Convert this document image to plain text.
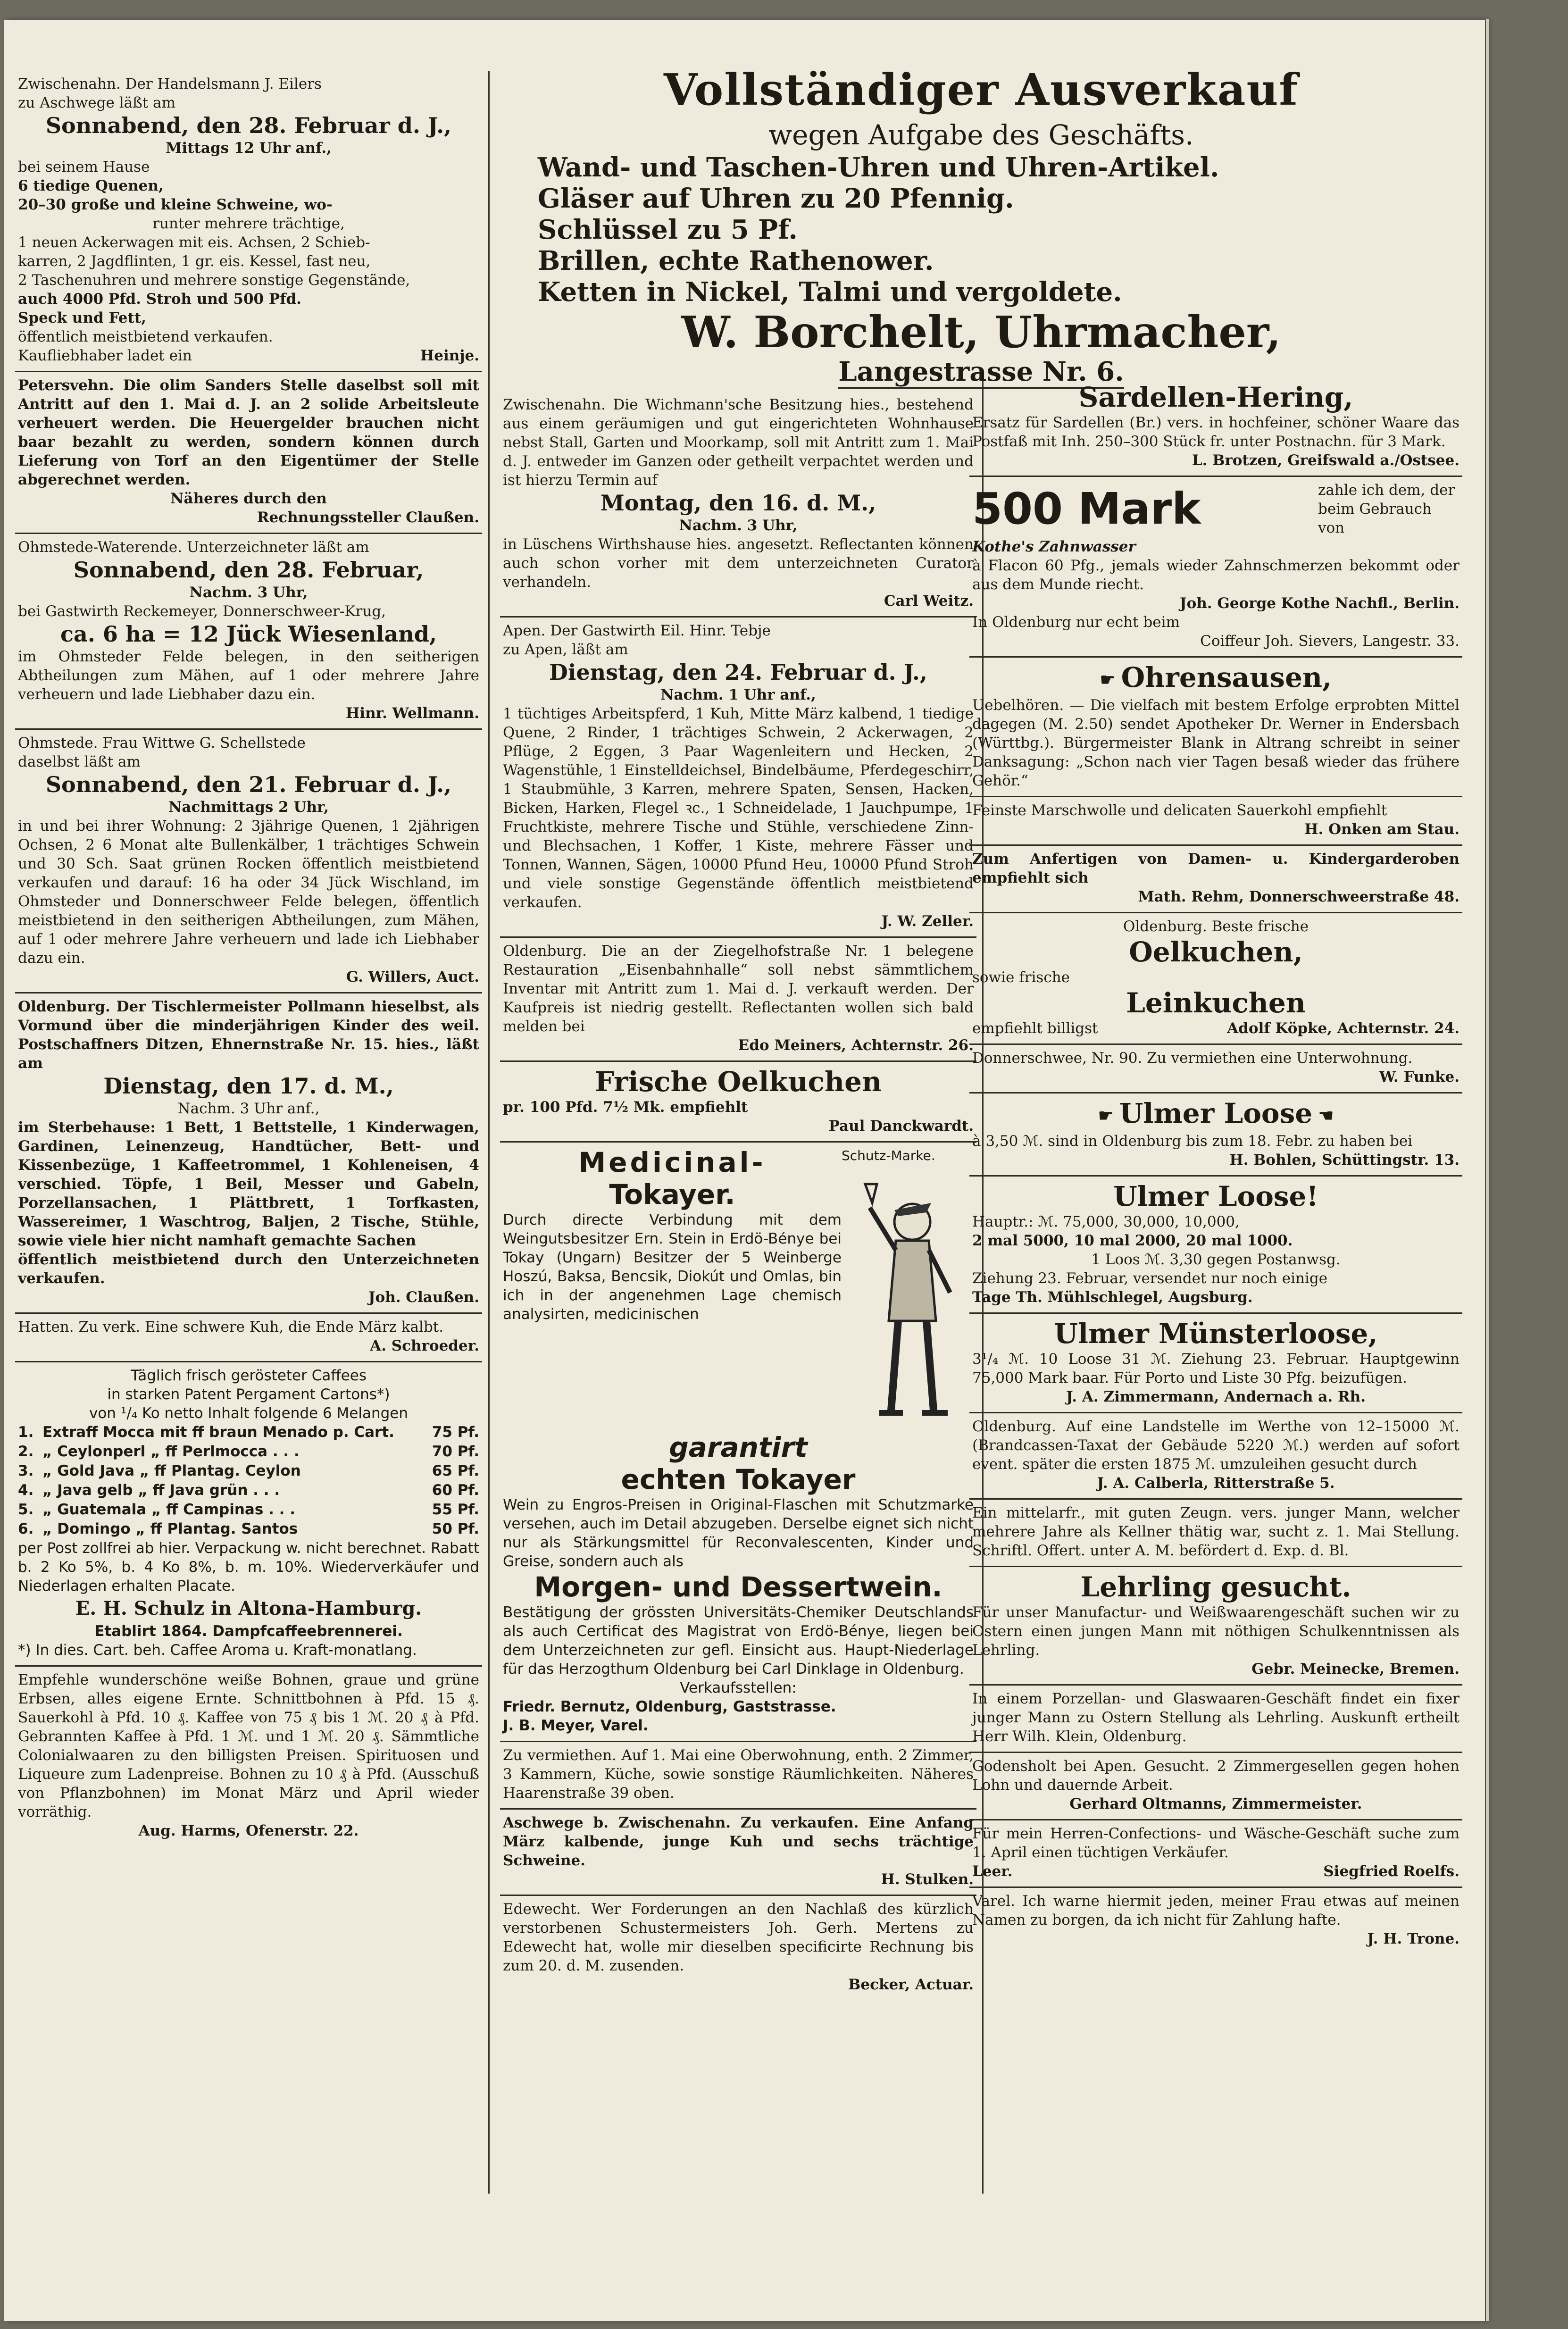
Vollständiger Ausverkauf
wegen Aufgabe des Geschäfts.
Wand- und Taschen-Uhren und Uhren-Artikel.
Gläser auf Uhren zu 20 Pfennig.
Schlüssel zu 5 Pf.
Brillen, echte Rathenower.
Ketten in Nickel, Talmi und vergoldete.
W. Borchelt, Uhrmacher,
Langestrasse Nr. 6.

Zwischenahn. Der Handelsmann J. Eilers

zu Aschwege läßt am

Sonnabend, den 28. Februar d. J.,

Mittags 12 Uhr anf.,

bei seinem Hause

6 tiedige Quenen,

20–30 große und kleine Schweine, wo-

runter mehrere trächtige,

1 neuen Ackerwagen mit eis. Achsen, 2 Schieb-

karren, 2 Jagdflinten, 1 gr. eis. Kessel, fast neu,

2 Taschenuhren und mehrere sonstige Gegenstände,

auch 4000 Pfd. Stroh und 500 Pfd.

Speck und Fett,

öffentlich meistbietend verkaufen.

Kaufliebhaber ladet ein	Heinje.

Petersvehn. Die olim Sanders Stelle daselbst soll mit Antritt auf den 1. Mai d. J. an 2 solide Arbeitsleute verheuert werden. Die Heuergelder brauchen nicht baar bezahlt zu werden, sondern können durch Lieferung von Torf an den Eigentümer der Stelle abgerechnet werden.

Näheres durch den

Rechnungssteller Claußen.

Ohmstede-Waterende. Unterzeichneter läßt am

Sonnabend, den 28. Februar,

Nachm. 3 Uhr,

bei Gastwirth Reckemeyer, Donnerschweer-Krug,

ca. 6 ha = 12 Jück Wiesenland,

im Ohmsteder Felde belegen, in den seitherigen Abtheilungen zum Mähen, auf 1 oder mehrere Jahre verheuern und lade Liebhaber dazu ein.

Hinr. Wellmann.

Ohmstede. Frau Wittwe G. Schellstede

daselbst läßt am

Sonnabend, den 21. Februar d. J.,

Nachmittags 2 Uhr,

in und bei ihrer Wohnung: 2 3jährige Quenen, 1 2jährigen Ochsen, 2 6 Monat alte Bullenkälber, 1 trächtiges Schwein und 30 Sch. Saat grünen Rocken öffentlich meistbietend verkaufen und darauf: 16 ha oder 34 Jück Wischland, im Ohmsteder und Donnerschweer Felde belegen, öffentlich meistbietend in den seitherigen Abtheilungen, zum Mähen, auf 1 oder mehrere Jahre verheuern und lade ich Liebhaber dazu ein.

G. Willers, Auct.

Oldenburg. Der Tischlermeister Pollmann hieselbst, als Vormund über die minderjährigen Kinder des weil. Postschaffners Ditzen, Ehnernstraße Nr. 15. hies., läßt am

Dienstag, den 17. d. M.,

Nachm. 3 Uhr anf.,

im Sterbehause: 1 Bett, 1 Bettstelle, 1 Kinderwagen, Gardinen, Leinenzeug, Handtücher, Bett- und Kissenbezüge, 1 Kaffeetrommel, 1 Kohleneisen, 4 verschied. Töpfe, 1 Beil, Messer und Gabeln, Porzellansachen, 1 Plättbrett, 1 Torfkasten, Wassereimer, 1 Waschtrog, Baljen, 2 Tische, Stühle, sowie viele hier nicht namhaft gemachte Sachen

öffentlich meistbietend durch den Unterzeichneten verkaufen.

Joh. Claußen.

Hatten. Zu verk. Eine schwere Kuh, die Ende März kalbt.

A. Schroeder.

Täglich frisch gerösteter Caffees

in starken Patent Pergament Cartons*)

von ¹/₄ Ko netto Inhalt folgende 6 Melangen

1. Extraff Mocca mit ff braun Menado p. Cart.	75 Pf.
2. „ Ceylonperl „ ff Perlmocca . . .	70 Pf.
3. „ Gold Java „ ff Plantag. Ceylon	65 Pf.
4. „ Java gelb „ ff Java grün . . .	60 Pf.
5. „ Guatemala „ ff Campinas . . .	55 Pf.
6. „ Domingo „ ff Plantag. Santos	50 Pf.

per Post zollfrei ab hier. Verpackung w. nicht berechnet. Rabatt b. 2 Ko 5%, b. 4 Ko 8%, b. m. 10%. Wiederverkäufer und Niederlagen erhalten Placate.

E. H. Schulz in Altona-Hamburg.

Etablirt 1864. Dampfcaffeebrennerei.

*) In dies. Cart. beh. Caffee Aroma u. Kraft-monatlang.

Empfehle wunderschöne weiße Bohnen, graue und grüne Erbsen, alles eigene Ernte. Schnittbohnen à Pfd. 15 ₰. Sauerkohl à Pfd. 10 ₰. Kaffee von 75 ₰ bis 1 ℳ. 20 ₰ à Pfd. Gebrannten Kaffee à Pfd. 1 ℳ. und 1 ℳ. 20 ₰. Sämmtliche Colonialwaaren zu den billigsten Preisen. Spirituosen und Liqueure zum Ladenpreise. Bohnen zu 10 ₰ à Pfd. (Ausschuß von Pflanzbohnen) im Monat März und April wieder vorräthig.

Aug. Harms, Ofenerstr. 22.

Zwischenahn. Die Wichmann'sche Besitzung hies., bestehend aus einem geräumigen und gut eingerichteten Wohnhause nebst Stall, Garten und Moorkamp, soll mit Antritt zum 1. Mai d. J. entweder im Ganzen oder getheilt verpachtet werden und ist hierzu Termin auf

Montag, den 16. d. M.,

Nachm. 3 Uhr,

in Lüschens Wirthshause hies. angesetzt. Reflectanten können auch schon vorher mit dem unterzeichneten Curator verhandeln.

Carl Weitz.

Apen. Der Gastwirth Eil. Hinr. Tebje

zu Apen, läßt am

Dienstag, den 24. Februar d. J.,

Nachm. 1 Uhr anf.,

1 tüchtiges Arbeitspferd, 1 Kuh, Mitte März kalbend, 1 tiedige Quene, 2 Rinder, 1 trächtiges Schwein, 2 Ackerwagen, 2 Pflüge, 2 Eggen, 3 Paar Wagenleitern und Hecken, 2 Wagenstühle, 1 Einstelldeichsel, Bindelbäume, Pferdegeschirr, 1 Staubmühle, 3 Karren, mehrere Spaten, Sensen, Hacken, Bicken, Harken, Flegel ꝛc., 1 Schneidelade, 1 Jauchpumpe, 1 Fruchtkiste, mehrere Tische und Stühle, verschiedene Zinn- und Blechsachen, 1 Koffer, 1 Kiste, mehrere Fässer und Tonnen, Wannen, Sägen, 10000 Pfund Heu, 10000 Pfund Stroh und viele sonstige Gegenstände öffentlich meistbietend verkaufen.

J. W. Zeller.

Oldenburg. Die an der Ziegelhofstraße Nr. 1 belegene Restauration „Eisenbahnhalle“ soll nebst sämmtlichem Inventar mit Antritt zum 1. Mai d. J. verkauft werden. Der Kaufpreis ist niedrig gestellt. Reflectanten wollen sich bald melden bei

Edo Meiners, Achternstr. 26.

Frische Oelkuchen

pr. 100 Pfd. 7½ Mk. empfiehlt

Paul Danckwardt.

Medicinal-

Tokayer.

Durch directe Verbindung mit dem Weingutsbesitzer Ern. Stein in Erdö-Bénye bei Tokay (Ungarn) Besitzer der 5 Weinberge Hoszú, Baksa, Bencsik, Diokút und Omlas, bin ich in der angenehmen Lage chemisch analysirten, medicinischen

Schutz-Marke.

garantirt

echten Tokayer

Wein zu Engros-Preisen in Original-Flaschen mit Schutzmarke versehen, auch im Detail abzugeben. Derselbe eignet sich nicht nur als Stärkungsmittel für Reconvalescenten, Kinder und Greise, sondern auch als

Morgen- und Dessertwein.

Bestätigung der grössten Universitäts-Chemiker Deutschlands als auch Certificat des Magistrat von Erdö-Bénye, liegen bei dem Unterzeichneten zur gefl. Einsicht aus. Haupt-Niederlage für das Herzogthum Oldenburg bei Carl Dinklage in Oldenburg.

Verkaufsstellen:

Friedr. Bernutz, Oldenburg, Gaststrasse.

J. B. Meyer, Varel.

Zu vermiethen. Auf 1. Mai eine Oberwohnung, enth. 2 Zimmer, 3 Kammern, Küche, sowie sonstige Räumlichkeiten. Näheres Haarenstraße 39 oben.

Aschwege b. Zwischenahn. Zu verkaufen. Eine Anfang März kalbende, junge Kuh und sechs trächtige Schweine.

H. Stulken.

Edewecht. Wer Forderungen an den Nachlaß des kürzlich verstorbenen Schustermeisters Joh. Gerh. Mertens zu Edewecht hat, wolle mir dieselben specificirte Rechnung bis zum 20. d. M. zusenden.

Becker, Actuar.

Sardellen-Hering,

Ersatz für Sardellen (Br.) vers. in hochfeiner, schöner Waare das Postfaß mit Inh. 250–300 Stück fr. unter Postnachn. für 3 Mark.

L. Brotzen, Greifswald a./Ostsee.

500 Mark	zahle ich dem, der beim Gebrauch von

Kothe's Zahnwasser

à Flacon 60 Pfg., jemals wieder Zahnschmerzen bekommt oder aus dem Munde riecht.

Joh. George Kothe Nachfl., Berlin.

In Oldenburg nur echt beim

Coiffeur Joh. Sievers, Langestr. 33.

☛ Ohrensausen,

Uebelhören. — Die vielfach mit bestem Erfolge erprobten Mittel dagegen (M. 2.50) sendet Apotheker Dr. Werner in Endersbach (Württbg.). Bürgermeister Blank in Altrang schreibt in seiner Danksagung: „Schon nach vier Tagen besaß wieder das frühere Gehör.“

Feinste Marschwolle und delicaten Sauerkohl empfiehlt

H. Onken am Stau.

Zum Anfertigen von Damen- u. Kindergarderoben empfiehlt sich

Math. Rehm, Donnerschweerstraße 48.

Oldenburg. Beste frische

Oelkuchen,

sowie frische

Leinkuchen

empfiehlt billigst	Adolf Köpke, Achternstr. 24.

Donnerschwee, Nr. 90. Zu vermiethen eine Unterwohnung.

W. Funke.

☛ Ulmer Loose ☚

à 3,50 ℳ. sind in Oldenburg bis zum 18. Febr. zu haben bei

H. Bohlen, Schüttingstr. 13.

Ulmer Loose!

Hauptr.: ℳ. 75,000, 30,000, 10,000,

2 mal 5000, 10 mal 2000, 20 mal 1000.

1 Loos ℳ. 3,30 gegen Postanwsg.

Ziehung 23. Februar, versendet nur noch einige

Tage Th. Mühlschlegel, Augsburg.

Ulmer Münsterloose,

3¹/₄ ℳ. 10 Loose 31 ℳ. Ziehung 23. Februar. Hauptgewinn 75,000 Mark baar. Für Porto und Liste 30 Pfg. beizufügen.

J. A. Zimmermann, Andernach a. Rh.

Oldenburg. Auf eine Landstelle im Werthe von 12–15000 ℳ. (Brandcassen-Taxat der Gebäude 5220 ℳ.) werden auf sofort event. später die ersten 1875 ℳ. umzuleihen gesucht durch

J. A. Calberla, Ritterstraße 5.

Ein mittelarfr., mit guten Zeugn. vers. junger Mann, welcher mehrere Jahre als Kellner thätig war, sucht z. 1. Mai Stellung. Schriftl. Offert. unter A. M. befördert d. Exp. d. Bl.

Lehrling gesucht.

Für unser Manufactur- und Weißwaarengeschäft suchen wir zu Ostern einen jungen Mann mit nöthigen Schulkenntnissen als Lehrling.

Gebr. Meinecke, Bremen.

In einem Porzellan- und Glaswaaren-Geschäft findet ein fixer junger Mann zu Ostern Stellung als Lehrling. Auskunft ertheilt Herr Wilh. Klein, Oldenburg.

Godensholt bei Apen. Gesucht. 2 Zimmergesellen gegen hohen Lohn und dauernde Arbeit.

Gerhard Oltmanns, Zimmermeister.

Für mein Herren-Confections- und Wäsche-Geschäft suche zum 1. April einen tüchtigen Verkäufer.

Leer.	Siegfried Roelfs.

Varel. Ich warne hiermit jeden, meiner Frau etwas auf meinen Namen zu borgen, da ich nicht für Zahlung hafte.

J. H. Trone.
